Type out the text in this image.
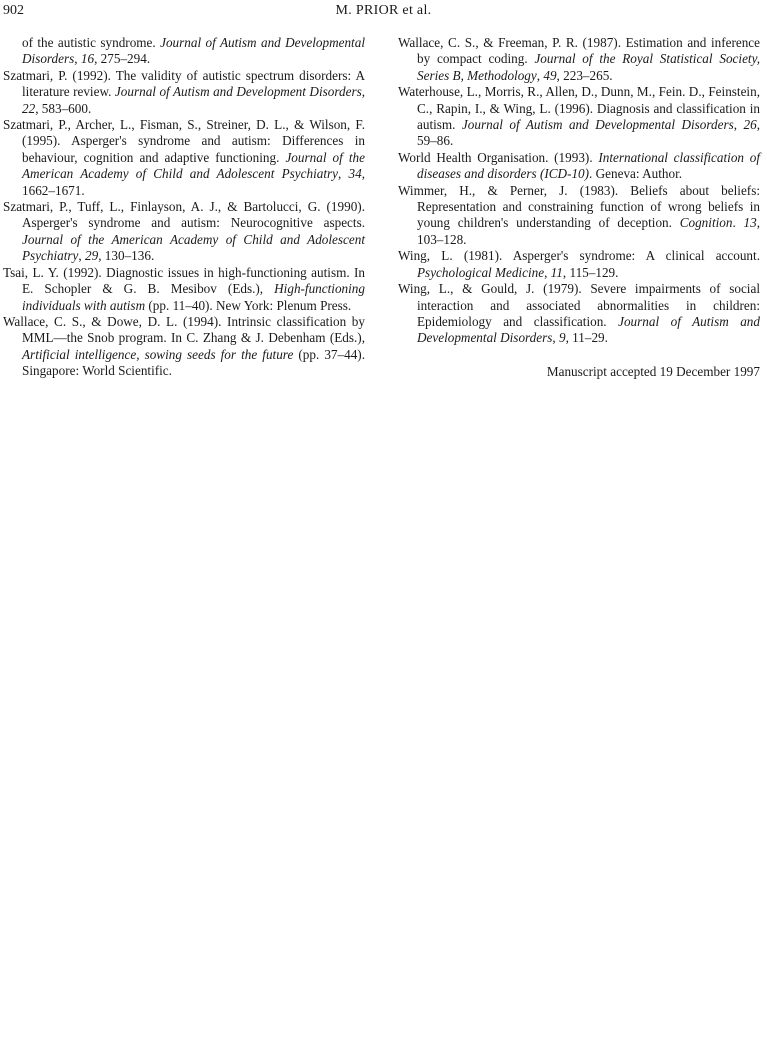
902	M. PRIOR et al.

of the autistic syndrome. Journal of Autism and Developmental Disorders, 16, 275–294.

Szatmari, P. (1992). The validity of autistic spectrum disorders: A literature review. Journal of Autism and Development Disorders, 22, 583–600.

Szatmari, P., Archer, L., Fisman, S., Streiner, D. L., & Wilson, F. (1995). Asperger's syndrome and autism: Differences in behaviour, cognition and adaptive functioning. Journal of the American Academy of Child and Adolescent Psychiatry, 34, 1662–1671.

Szatmari, P., Tuff, L., Finlayson, A. J., & Bartolucci, G. (1990). Asperger's syndrome and autism: Neurocognitive aspects. Journal of the American Academy of Child and Adolescent Psychiatry, 29, 130–136.

Tsai, L. Y. (1992). Diagnostic issues in high-functioning autism. In E. Schopler & G. B. Mesibov (Eds.), High-functioning individuals with autism (pp. 11–40). New York: Plenum Press.

Wallace, C. S., & Dowe, D. L. (1994). Intrinsic classification by MML—the Snob program. In C. Zhang & J. Debenham (Eds.), Artificial intelligence, sowing seeds for the future (pp. 37–44). Singapore: World Scientific.

Wallace, C. S., & Freeman, P. R. (1987). Estimation and inference by compact coding. Journal of the Royal Statistical Society, Series B, Methodology, 49, 223–265.

Waterhouse, L., Morris, R., Allen, D., Dunn, M., Fein. D., Feinstein, C., Rapin, I., & Wing, L. (1996). Diagnosis and classification in autism. Journal of Autism and Developmental Disorders, 26, 59–86.

World Health Organisation. (1993). International classification of diseases and disorders (ICD-10). Geneva: Author.

Wimmer, H., & Perner, J. (1983). Beliefs about beliefs: Representation and constraining function of wrong beliefs in young children's understanding of deception. Cognition. 13, 103–128.

Wing, L. (1981). Asperger's syndrome: A clinical account. Psychological Medicine, 11, 115–129.

Wing, L., & Gould, J. (1979). Severe impairments of social interaction and associated abnormalities in children: Epidemiology and classification. Journal of Autism and Developmental Disorders, 9, 11–29.

Manuscript accepted 19 December 1997
